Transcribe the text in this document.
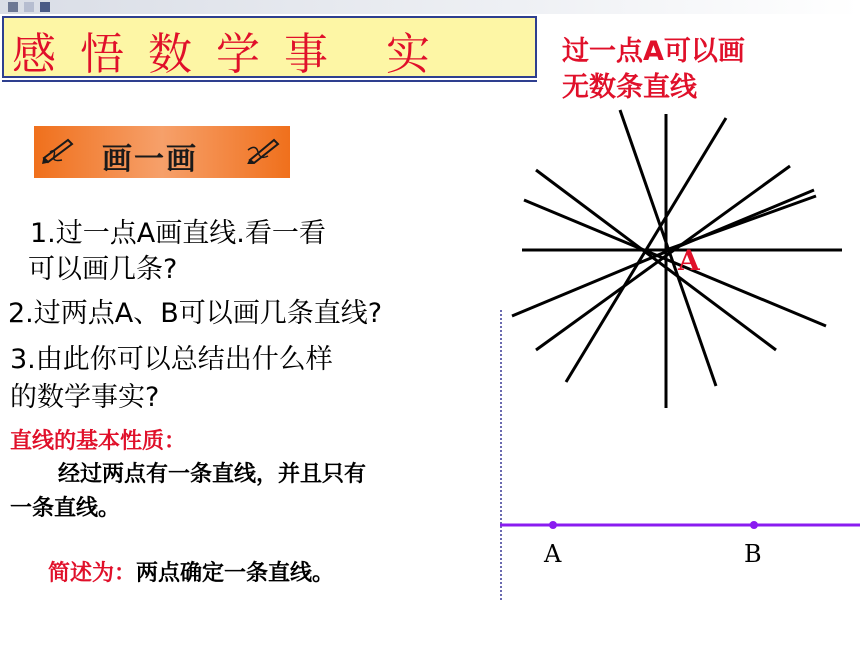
感 悟 数 学 事 实	过一点A可以画
无数条直线
画一画
1.过一点A画直线.看一看
可以画几条?
2.过两点A、B可以画几条直线?
3.由此你可以总结出什么样
的数学事实?
直线的基本性质：
经过两点有一条直线，并且只有
一条直线。
简述为：两点确定一条直线。
A
A	B
